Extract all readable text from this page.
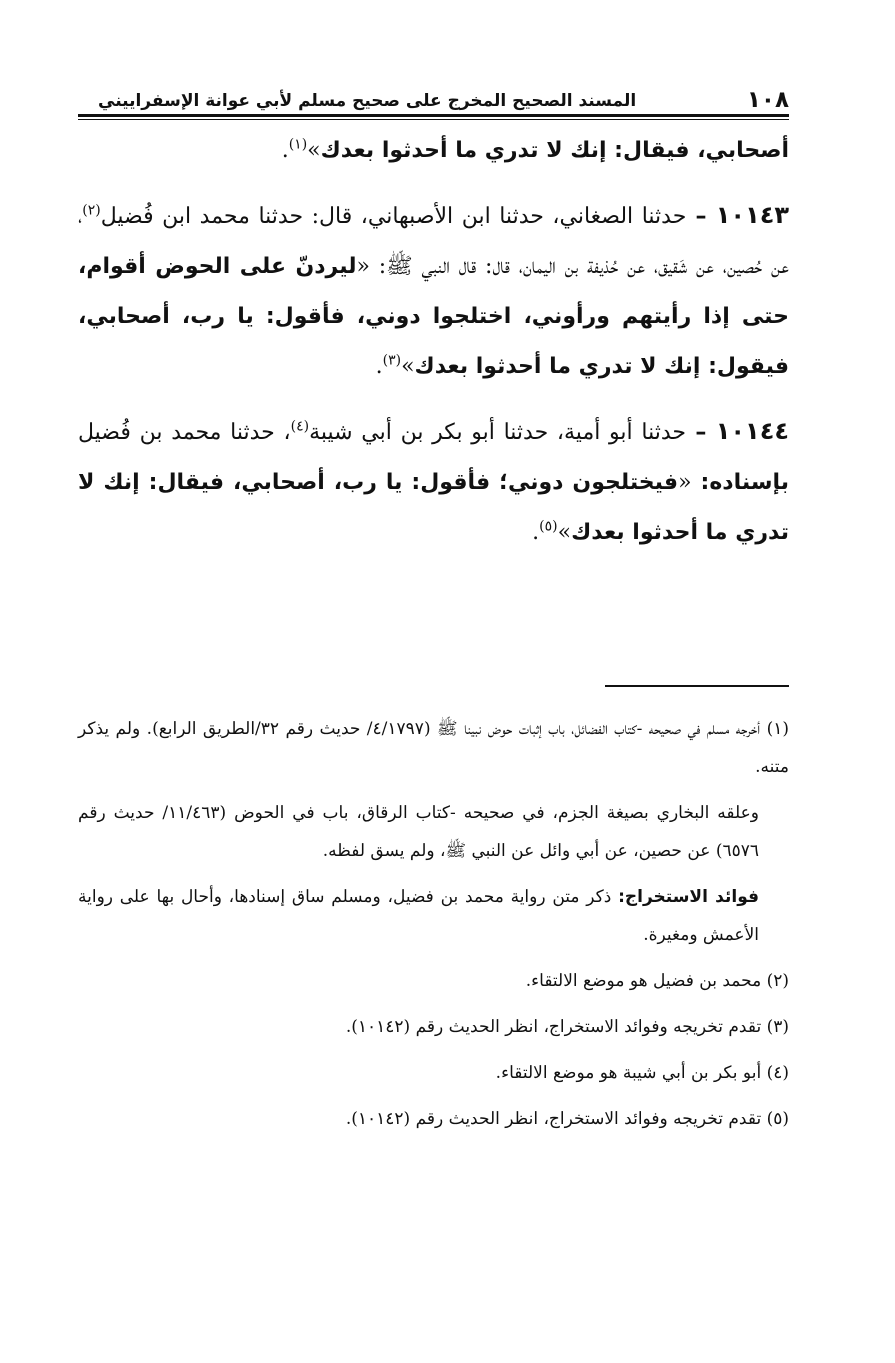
١٠٨
المسند الصحيح المخرج على صحيح مسلم لأبي عوانة الإسفراييني

أصحابي، فيقال: إنك لا تدري ما أحدثوا بعدك»$^{(١)}$.

١٠١٤٣ – حدثنا الصغاني، حدثنا ابن الأصبهاني، قال: حدثنا محمد ابن فُضيل$^{(٢)}$، عن حُصين، عن شَقيق، عن حُذيفة بن اليمان، قال: قال النبي ﷺ: «ليردنّ على الحوض أقوام، حتى إذا رأيتهم ورأوني، اختلجوا دوني، فأقول: يا رب، أصحابي، فيقول: إنك لا تدري ما أحدثوا بعدك»$^{(٣)}$.

١٠١٤٤ – حدثنا أبو أمية، حدثنا أبو بكر بن أبي شيبة$^{(٤)}$، حدثنا محمد بن فُضيل بإسناده: «فيختلجون دوني؛ فأقول: يا رب، أصحابي، فيقال: إنك لا تدري ما أحدثوا بعدك»$^{(٥)}$.

(١) أخرجه مسلم في صحيحه -كتاب الفضائل، باب إثبات حوض نبينا ﷺ (٤/١٧٩٧/ حديث رقم ٣٢/الطريق الرابع). ولم يذكر متنه.

وعلقه البخاري بصيغة الجزم، في صحيحه -كتاب الرقاق، باب في الحوض (١١/٤٦٣/ حديث رقم ٦٥٧٦) عن حصين، عن أبي وائل عن النبي ﷺ، ولم يسق لفظه.

فوائد الاستخراج: ذكر متن رواية محمد بن فضيل، ومسلم ساق إسنادها، وأحال بها على رواية الأعمش ومغيرة.

(٢) محمد بن فضيل هو موضع الالتقاء.

(٣) تقدم تخريجه وفوائد الاستخراج، انظر الحديث رقم (١٠١٤٢).

(٤) أبو بكر بن أبي شيبة هو موضع الالتقاء.

(٥) تقدم تخريجه وفوائد الاستخراج، انظر الحديث رقم (١٠١٤٢).
